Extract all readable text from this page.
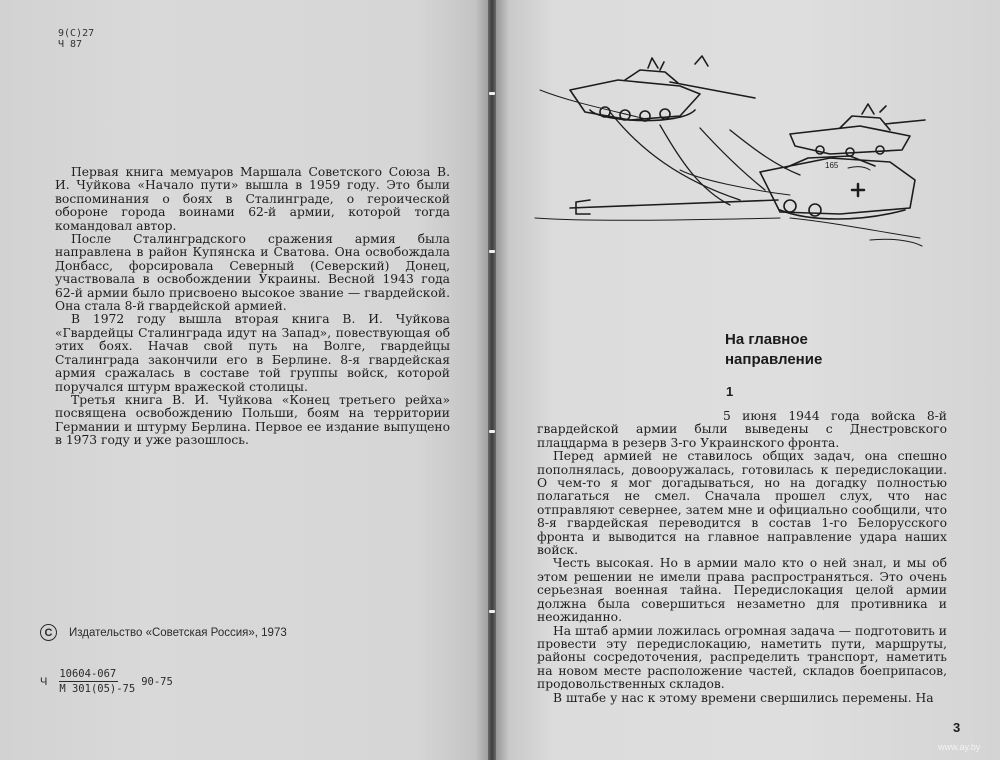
9(С)27
Ч 87

Первая книга мемуаров Маршала Советского Союза В. И. Чуйкова «Начало пути» вышла в 1959 году. Это были воспоминания о боях в Сталинграде, о героической обороне города воинами 62-й армии, которой тогда командовал автор.

После Сталинградского сражения армия была направлена в район Купянска и Сватова. Она освобождала Донбасс, форсировала Северный (Северский) Донец, участвовала в освобождении Украины. Весной 1943 года 62-й армии было присвоено высокое звание — гвардейской. Она стала 8-й гвардейской армией.

В 1972 году вышла вторая книга В. И. Чуйкова «Гвардейцы Сталинграда идут на Запад», повествующая об этих боях. Начав свой путь на Волге, гвардейцы Сталинграда закончили его в Берлине. 8-я гвардейская армия сражалась в составе той группы войск, которой поручался штурм вражеской столицы.

Третья книга В. И. Чуйкова «Конец третьего рейха» посвящена освобождению Польши, боям на территории Германии и штурму Берлина. Первое ее издание выпущено в 1973 году и уже разошлось.

C	Издательство «Советская Россия», 1973
Ч $\frac{10604-067}{М 301(05)-75} 90-75$
165
На главное
направление
1

5 июня 1944 года войска 8-й гвардейской армии были выведены с Днестровского плацдарма в резерв 3-го Украинского фронта.

Перед армией не ставилось общих задач, она спешно пополнялась, довооружалась, готовилась к передислокации. О чем-то я мог догадываться, но на догадку полностью полагаться не смел. Сначала прошел слух, что нас отправляют севернее, затем мне и официально сообщили, что 8-я гвардейская переводится в состав 1-го Белорусского фронта и выводится на главное направление удара наших войск.

Честь высокая. Но в армии мало кто о ней знал, и мы об этом решении не имели права распространяться. Это очень серьезная военная тайна. Передислокация целой армии должна была совершиться незаметно для противника и неожиданно.

На штаб армии ложилась огромная задача — подготовить и провести эту передислокацию, наметить пути, маршруты, районы сосредоточения, распределить транспорт, наметить на новом месте расположение частей, складов боеприпасов, продовольственных складов.

В штабе у нас к этому времени свершились перемены. На

3
www.ay.by
